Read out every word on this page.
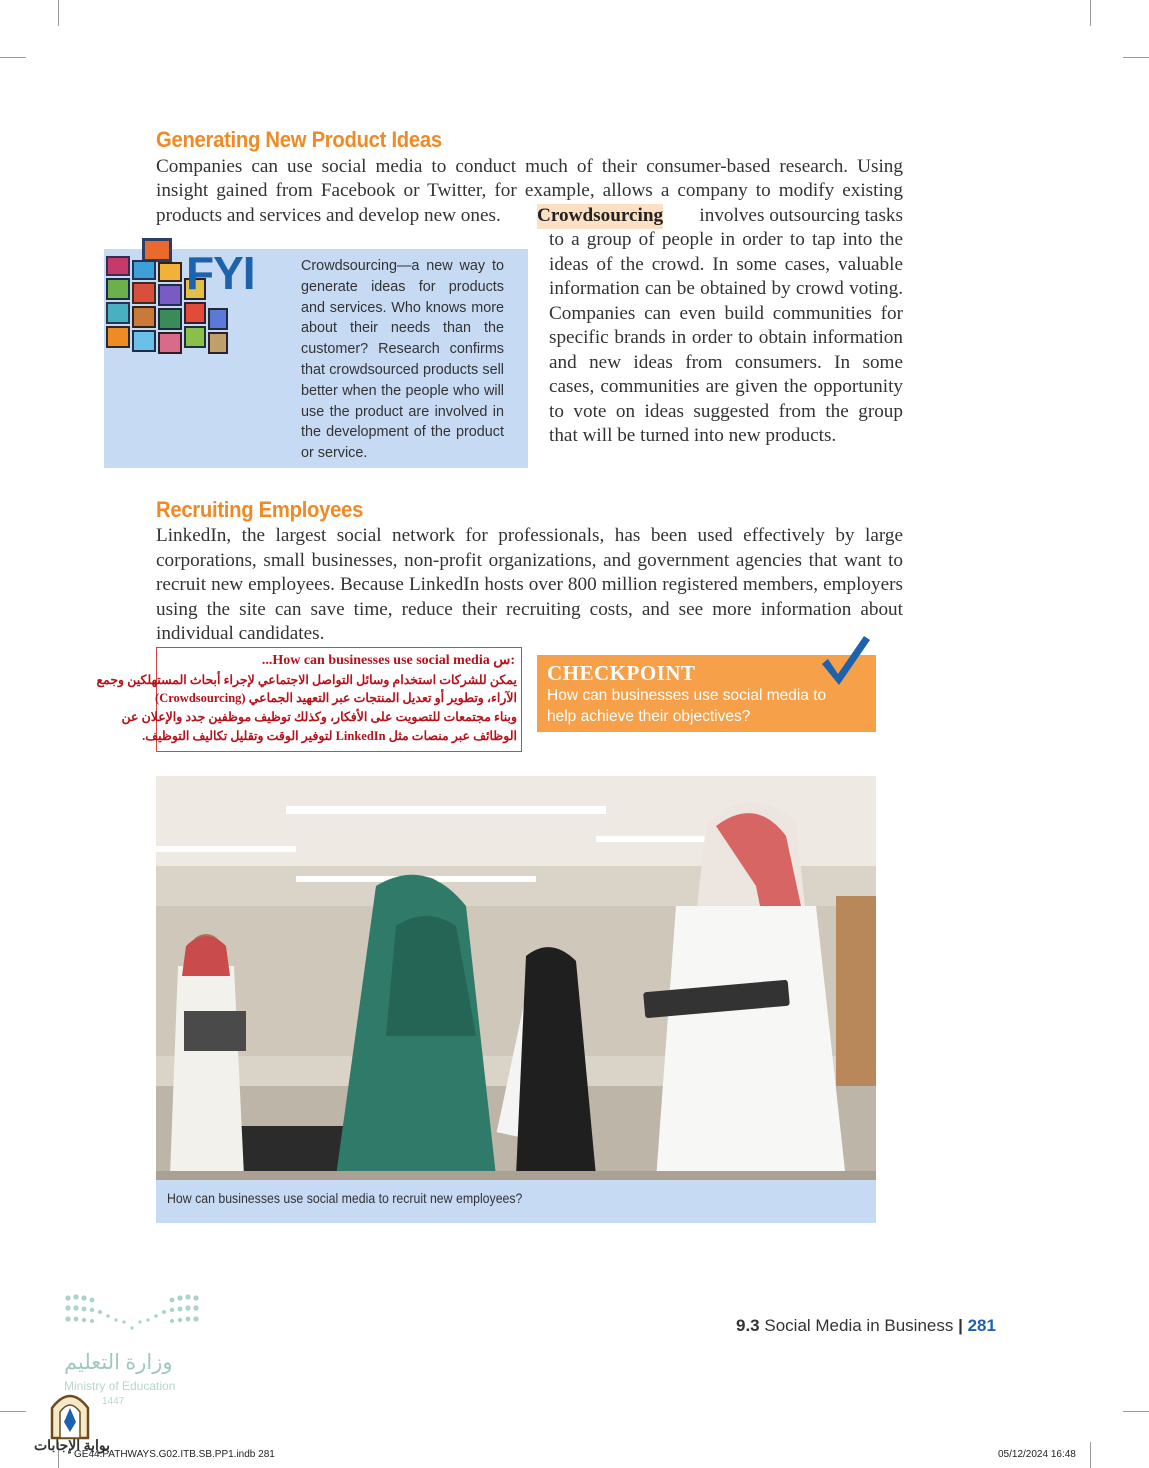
Generating New Product Ideas
Companies can use social media to conduct much of their consumer-based research. Using
insight gained from Facebook or Twitter, for example, allows a company to modify existing
products and services and develop new ones. Crowdsourcing involves outsourcing tasks
to a group of people in order to tap into the ideas of the crowd. In some cases, valuable information can be obtained by crowd voting. Companies can even build communities for specific brands in order to obtain information and new ideas from consumers. In some cases, communities are given the opportunity to vote on ideas suggested from the group that will be turned into new products.
FYI	Crowdsourcing—a new way to generate ideas for products and services. Who knows more about their needs than the customer? Research confirms that crowdsourced products sell better when the people who will use the product are involved in the development of the product or service.
Recruiting Employees
LinkedIn, the largest social network for professionals, has been used effectively by large corporations, small businesses, non-profit organizations, and government agencies that want to recruit new employees. Because LinkedIn hosts over 800 million registered members, employers using the site can save time, reduce their recruiting costs, and see more information about individual candidates.
...How can businesses use social media س:
يمكن للشركات استخدام وسائل التواصل الاجتماعي لإجراء أبحاث المستهلكين وجمع
الآراء، وتطوير أو تعديل المنتجات عبر التعهيد الجماعي (Crowdsourcing)
وبناء مجتمعات للتصويت على الأفكار، وكذلك توظيف موظفين جدد والإعلان عن
الوظائف عبر منصات مثل LinkedIn لتوفير الوقت وتقليل تكاليف التوظيف.
CHECKPOINT
How can businesses use social media to help achieve their objectives?
How can businesses use social media to recruit new employees?
وزارة التعليم
Ministry of Education
1447
9.3 Social Media in Business | 281
بوابة الإجابات
GE44.PATHWAYS.G02.ITB.SB.PP1.indb 281	05/12/2024 16:48
